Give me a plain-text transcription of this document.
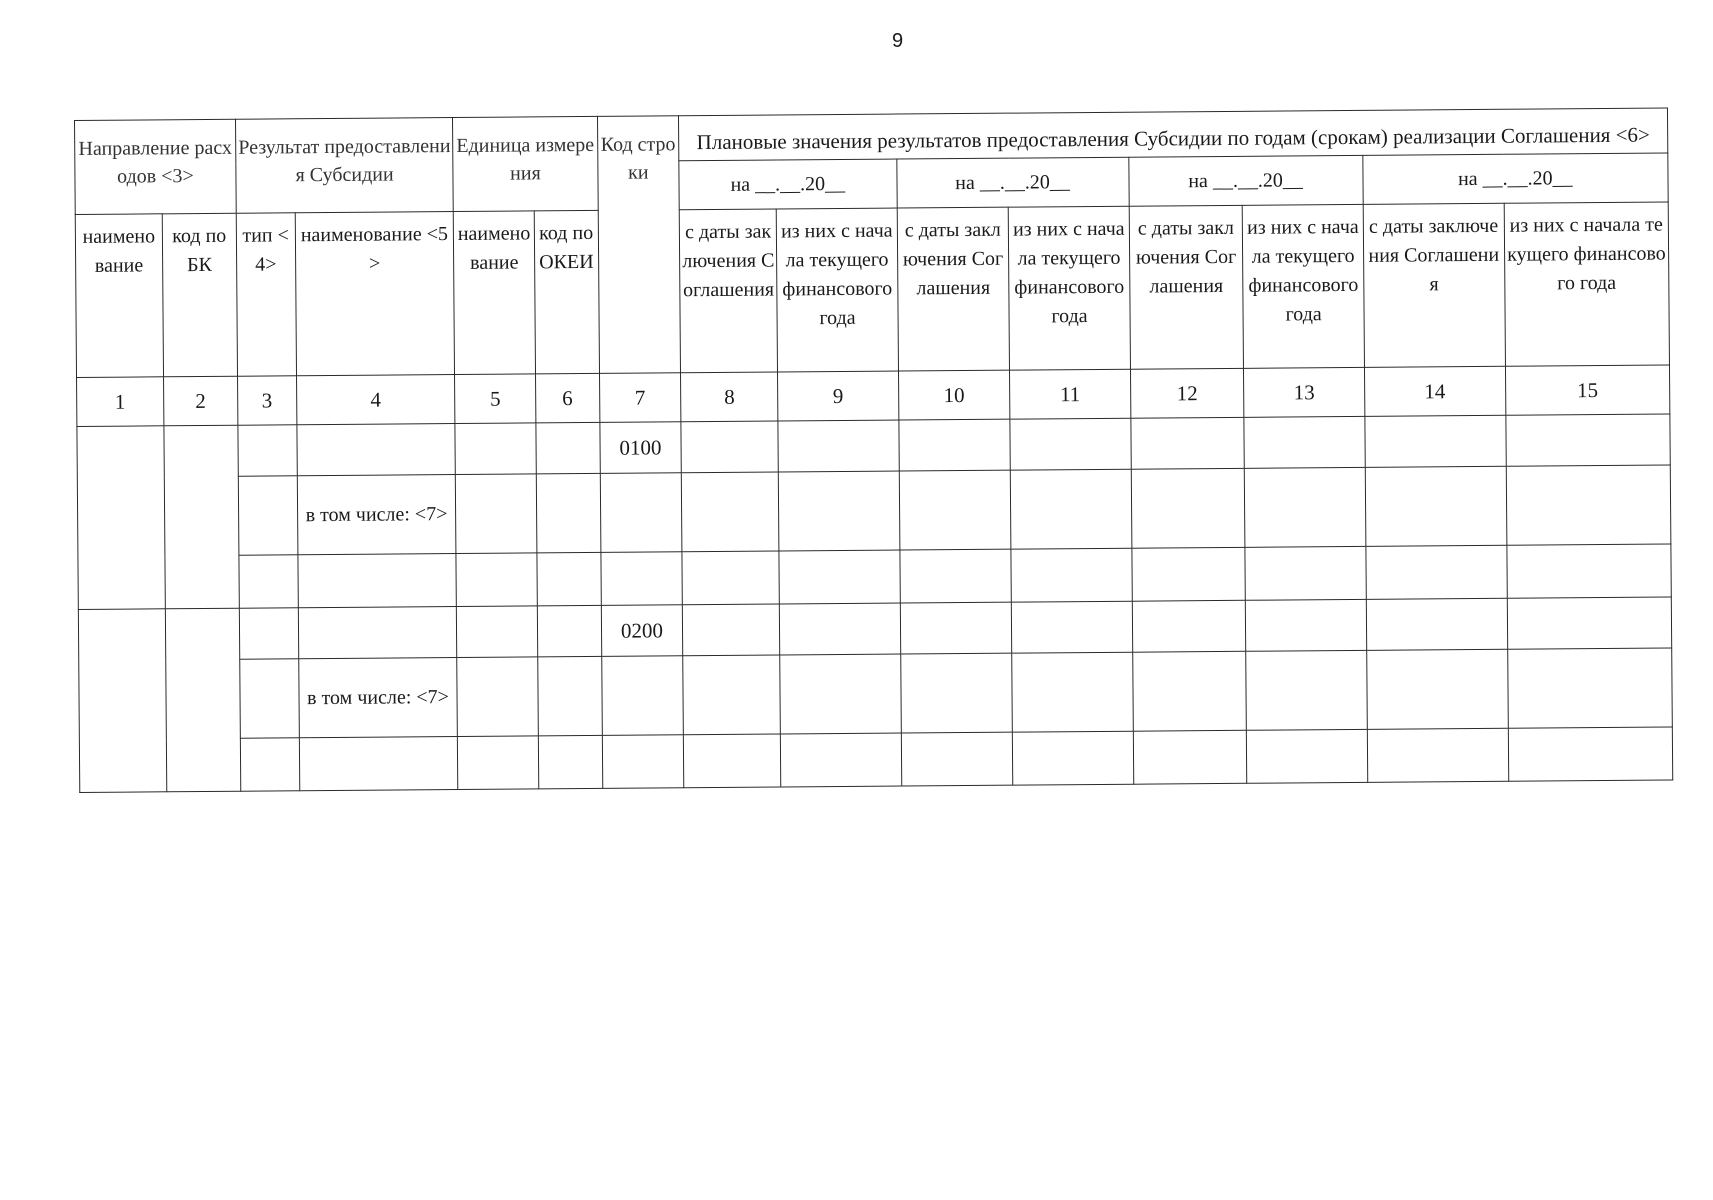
9
Направление расходов <3>		Результат предоставления Субсидии		Единица измерения		Код строки	Плановые значения результатов предоставления Субсидии по годам (срокам) реализации Соглашения <6>							
							на __.__.20__		на __.__.20__		на __.__.20__		на __.__.20__	
наименование	код по БК	тип <4>	наименование <5>	наименование	код по ОКЕИ		с даты заключения Соглашения	из них с начала текущего финансового года	с даты заключения Соглашения	из них с начала текущего финансового года	с даты заключения Соглашения	из них с начала текущего финансового года	с даты заключения Соглашения	из них с начала текущего финансового года
1	2	3	4	5	6	7	8	9	10	11	12	13	14	15
						0100								
			в том числе: <7>											

						0200								
			в том числе: <7>											
